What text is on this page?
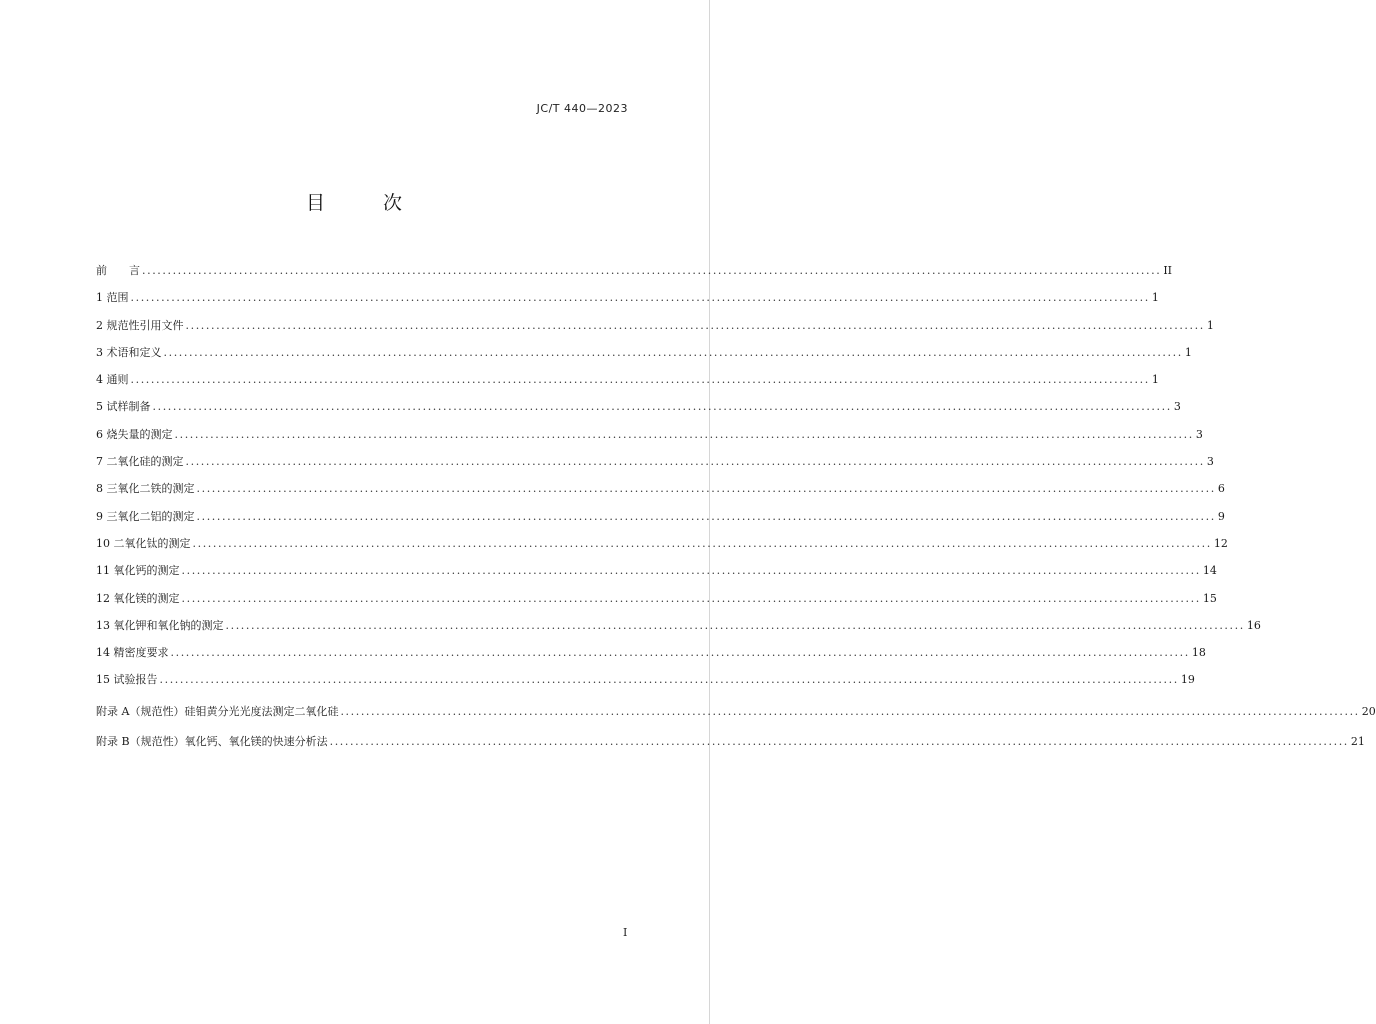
JC/T 440—2023
目 次
前　　言 ........................................................................................................................................................................................................ II
1 范围 ........................................................................................................................................................................................................ 1
2 规范性引用文件 ........................................................................................................................................................................................................ 1
3 术语和定义 ........................................................................................................................................................................................................ 1
4 通则 ........................................................................................................................................................................................................ 1
5 试样制备 ........................................................................................................................................................................................................ 3
6 烧失量的测定 ........................................................................................................................................................................................................ 3
7 二氧化硅的测定 ........................................................................................................................................................................................................ 3
8 三氧化二铁的测定 ........................................................................................................................................................................................................ 6
9 三氧化二铝的测定 ........................................................................................................................................................................................................ 9
10 二氧化钛的测定 ........................................................................................................................................................................................................ 12
11 氧化钙的测定 ........................................................................................................................................................................................................ 14
12 氧化镁的测定 ........................................................................................................................................................................................................ 15
13 氧化钾和氧化钠的测定 ........................................................................................................................................................................................................ 16
14 精密度要求 ........................................................................................................................................................................................................ 18
15 试验报告 ........................................................................................................................................................................................................ 19
附录 A（规范性）硅钼黄分光光度法测定二氧化硅 ........................................................................................................................................................................................................ 20
附录 B（规范性）氧化钙、氧化镁的快速分析法 ........................................................................................................................................................................................................ 21
I
